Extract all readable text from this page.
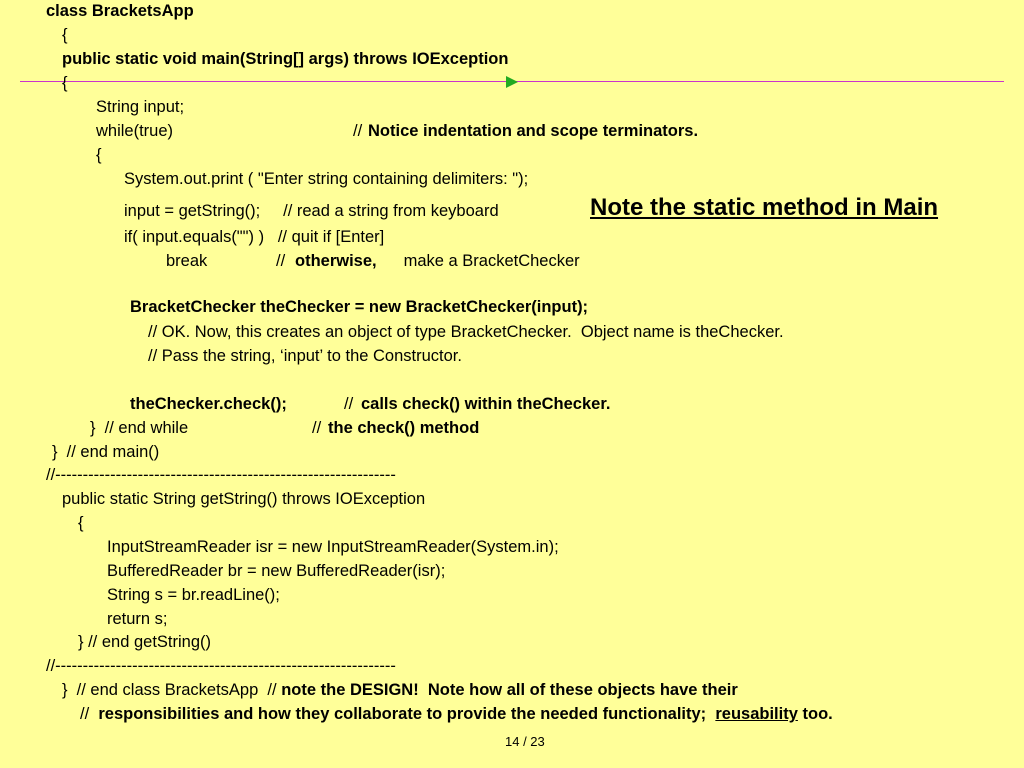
class BracketsApp
{
public static void main(String[] args) throws IOException
{
String input;
while(true)	// Notice indentation and scope terminators.
{
System.out.print ( "Enter string containing delimiters: ");
input = getString();     // read a string from keyboard	Note the static method in Main
if( input.equals("") )   // quit if [Enter]
break	// otherwise, make a BracketChecker
BracketChecker theChecker = new BracketChecker(input);
// OK. Now, this creates an object of type BracketChecker.  Object name is theChecker.
// Pass the string, ‘input’ to the Constructor.
theChecker.check();	// calls check() within theChecker.
}  // end while	// the check() method
}  // end main()
//--------------------------------------------------------------
public static String getString() throws IOException
{
InputStreamReader isr = new InputStreamReader(System.in);
BufferedReader br = new BufferedReader(isr);
String s = br.readLine();
return s;
} // end getString()
//--------------------------------------------------------------
}  // end class BracketsApp  // note the DESIGN!  Note how all of these objects have their
//  responsibilities and how they collaborate to provide the needed functionality;  reusability too.
14 / 23
